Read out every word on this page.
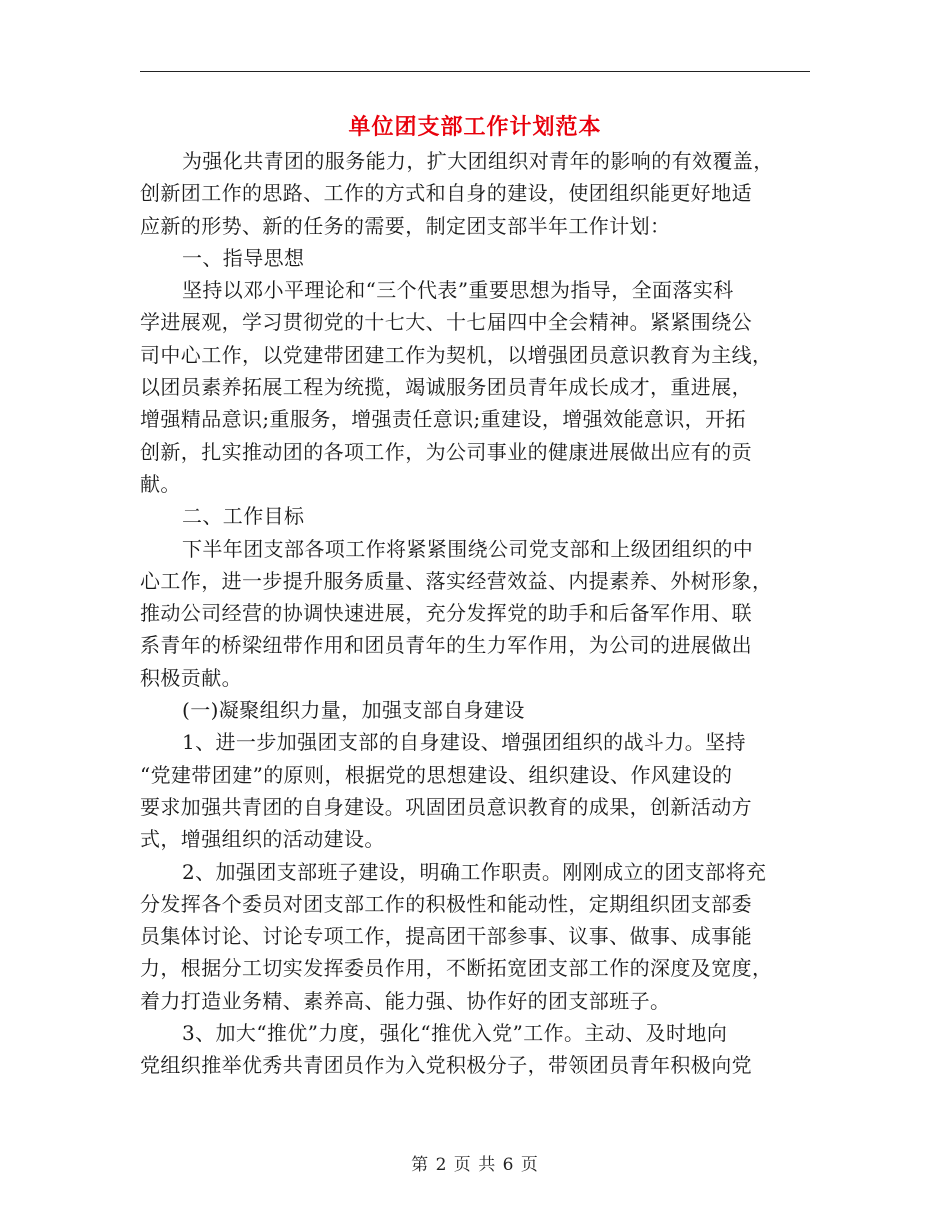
单位团支部工作计划范本
为强化共青团的服务能力，扩大团组织对青年的影响的有效覆盖，
创新团工作的思路、工作的方式和自身的建设，使团组织能更好地适
应新的形势、新的任务的需要，制定团支部半年工作计划：
一、指导思想
坚持以邓小平理论和“三个代表”重要思想为指导，全面落实科
学进展观，学习贯彻党的十七大、十七届四中全会精神。紧紧围绕公
司中心工作，以党建带团建工作为契机，以增强团员意识教育为主线，
以团员素养拓展工程为统揽，竭诚服务团员青年成长成才，重进展，
增强精品意识;重服务，增强责任意识;重建设，增强效能意识，开拓
创新，扎实推动团的各项工作，为公司事业的健康进展做出应有的贡
献。
二、工作目标
下半年团支部各项工作将紧紧围绕公司党支部和上级团组织的中
心工作，进一步提升服务质量、落实经营效益、内提素养、外树形象，
推动公司经营的协调快速进展，充分发挥党的助手和后备军作用、联
系青年的桥梁纽带作用和团员青年的生力军作用，为公司的进展做出
积极贡献。
(一)凝聚组织力量，加强支部自身建设
1、进一步加强团支部的自身建设、增强团组织的战斗力。坚持
“党建带团建”的原则，根据党的思想建设、组织建设、作风建设的
要求加强共青团的自身建设。巩固团员意识教育的成果，创新活动方
式，增强组织的活动建设。
2、加强团支部班子建设，明确工作职责。刚刚成立的团支部将充
分发挥各个委员对团支部工作的积极性和能动性，定期组织团支部委
员集体讨论、讨论专项工作，提高团干部参事、议事、做事、成事能
力，根据分工切实发挥委员作用，不断拓宽团支部工作的深度及宽度，
着力打造业务精、素养高、能力强、协作好的团支部班子。
3、加大“推优”力度，强化“推优入党”工作。主动、及时地向
党组织推举优秀共青团员作为入党积极分子，带领团员青年积极向党
第 2 页 共 6 页
